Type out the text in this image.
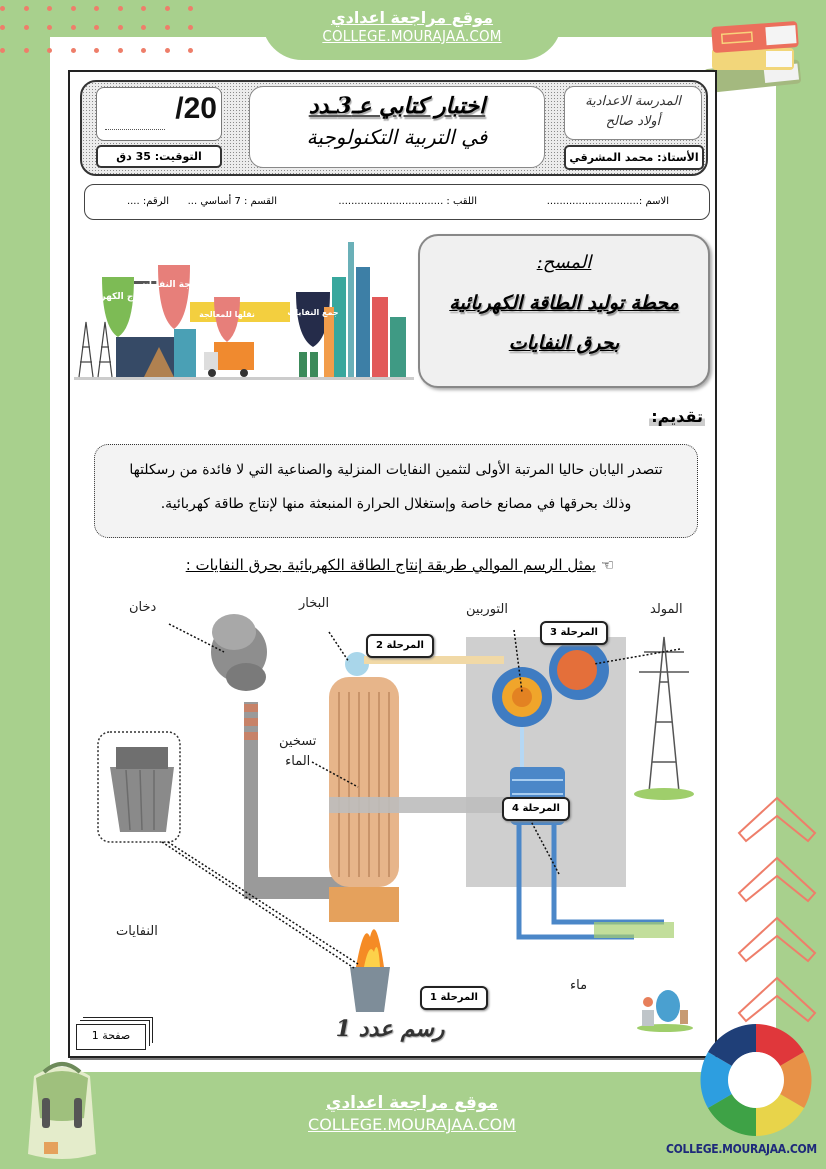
موقع مراجعة اعدادي
COLLEGE.MOURAJAA.COM
/20
التوقيت: 35 دق
اختبار كتابي عـ3ـدد
في التربية التكنولوجية
المدرسة الاعدادية
أولاد صالح
الأستاذ: محمد المشرقي
الاسم :.............................
اللقب : .................................
القسم : 7 أساسي ...
الرقم: ....
إنتاج الكهرباء
معالجة النفايات
نقلها للمعالجة	جمع النفايات
المسح:
محطة توليد الطاقة الكهربائية
بحرق النفايات
تقديم:
تتصدر اليابان حاليا المرتبة الأولى لتثمين النفايات المنزلية والصناعية التي لا فائدة من رسكلتها
وذلك بحرقها في مصانع خاصة وإستغلال الحرارة المنبعثة منها لإنتاج طاقة كهربائية.
☜ يمثل الرسم الموالي طريقة إنتاج الطاقة الكهربائية بحرق النفايات :
المرحلة 1
المرحلة 2
المرحلة 3
المرحلة 4
دخان	البخار	التوربين	المولد
تسخين
الماء
النفايات
ماء
صفحة 1	رسم عدد 1
موقع مراجعة اعدادي
COLLEGE.MOURAJAA.COM
COLLEGE.MOURAJAA.COM
